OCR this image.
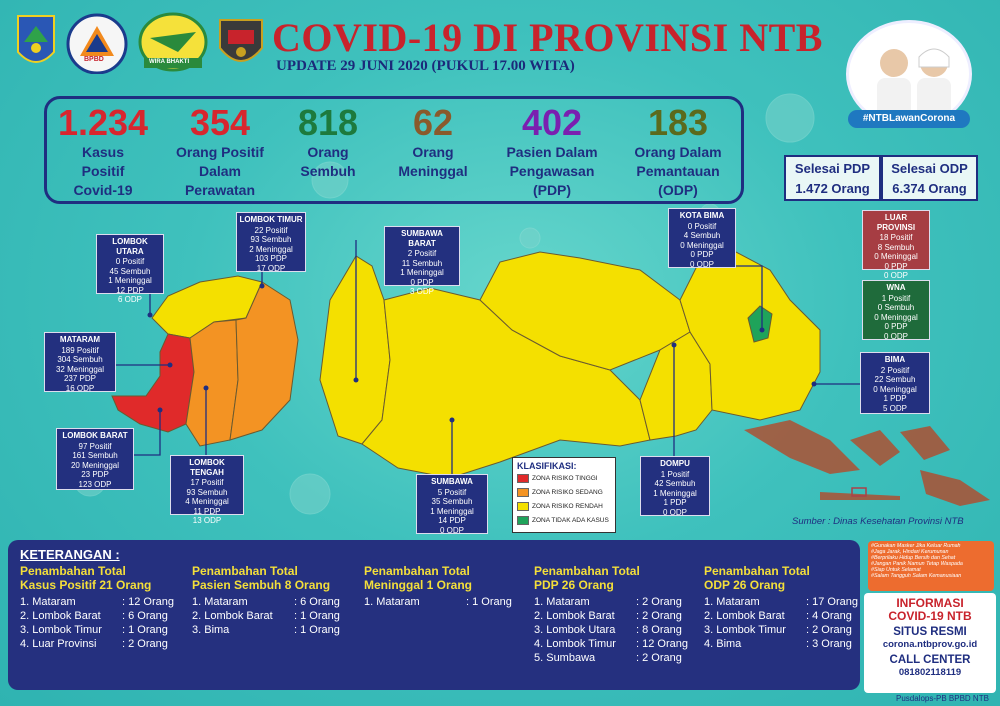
BPBD	WIRA BHAKTI
COVID-19 DI PROVINSI NTB
UPDATE 29 JUNI 2020 (PUKUL 17.00 WITA)
#NTBLawanCorona
1.234
Kasus
Positif
Covid-19
354
Orang Positif
Dalam
Perawatan
818
Orang
Sembuh
62
Orang
Meninggal
402
Pasien Dalam
Pengawasan
(PDP)
183
Orang Dalam
Pemantauan
(ODP)
Selesai PDP
1.472 Orang
Selesai ODP
6.374 Orang
LOMBOK UTARA
0 Positif
45 Sembuh
1 Meninggal
12 PDP
6 ODP
LOMBOK TIMUR
22 Positif
93 Sembuh
2 Meninggal
103 PDP
17 ODP
MATARAM
189 Positif
304 Sembuh
32 Meninggal
237 PDP
16 ODP
LOMBOK BARAT
97 Positif
161 Sembuh
20 Meninggal
23 PDP
123 ODP
LOMBOK TENGAH
17 Positif
93 Sembuh
4 Meninggal
11 PDP
13 ODP
SUMBAWA BARAT
2 Positif
11 Sembuh
1 Meninggal
0 PDP
3 ODP
SUMBAWA
5 Positif
35 Sembuh
1 Meninggal
14 PDP
0 ODP
DOMPU
1 Positif
42 Sembuh
1 Meninggal
1 PDP
0 ODP
KOTA BIMA
0 Positif
4 Sembuh
0 Meninggal
0 PDP
0 ODP
BIMA
2 Positif
22 Sembuh
0 Meninggal
1 PDP
5 ODP
LUAR PROVINSI
18 Positif
8 Sembuh
0 Meninggal
0 PDP
0 ODP
WNA
1 Positif
0 Sembuh
0 Meninggal
0 PDP
0 ODP
KLASIFIKASI:
ZONA RISIKO TINGGI
ZONA RISIKO SEDANG
ZONA RISIKO RENDAH
ZONA TIDAK ADA KASUS	Sumber : Dinas Kesehatan Provinsi NTB
KETERANGAN :
Penambahan Total
Kasus Positif 21 Orang
1. Mataram	: 12 Orang
2. Lombok Barat : 6 Orang
3. Lombok Timur : 1 Orang
4. Luar Provinsi : 2 Orang
Penambahan Total
Pasien Sembuh 8 Orang
1. Mataram	: 6 Orang
2. Lombok Barat : 1 Orang
3. Bima	: 1 Orang
Penambahan Total
Meninggal 1 Orang
1. Mataram	: 1 Orang
Penambahan Total
PDP 26 Orang
1. Mataram	: 2 Orang
2. Lombok Barat : 2 Orang
3. Lombok Utara : 8 Orang
4. Lombok Timur : 12 Orang
5. Sumbawa	: 2 Orang
Penambahan Total
ODP 26 Orang
1. Mataram	: 17 Orang
2. Lombok Barat : 4 Orang
3. Lombok Timur : 2 Orang
4. Bima	: 3 Orang
#Gunakan Masker Jika Keluar Rumah
#Jaga Jarak, Hindari Kerumunan
#Berprilaku Hidup Bersih dan Sehat
#Jangan Panik Namun Tetap Waspada
#Siap Untuk Selamat
#Salam Tangguh Salam Kemanusiaan
INFORMASI
COVID-19 NTB
SITUS RESMI
corona.ntbprov.go.id
CALL CENTER
081802118119
Pusdalops-PB BPBD NTB
